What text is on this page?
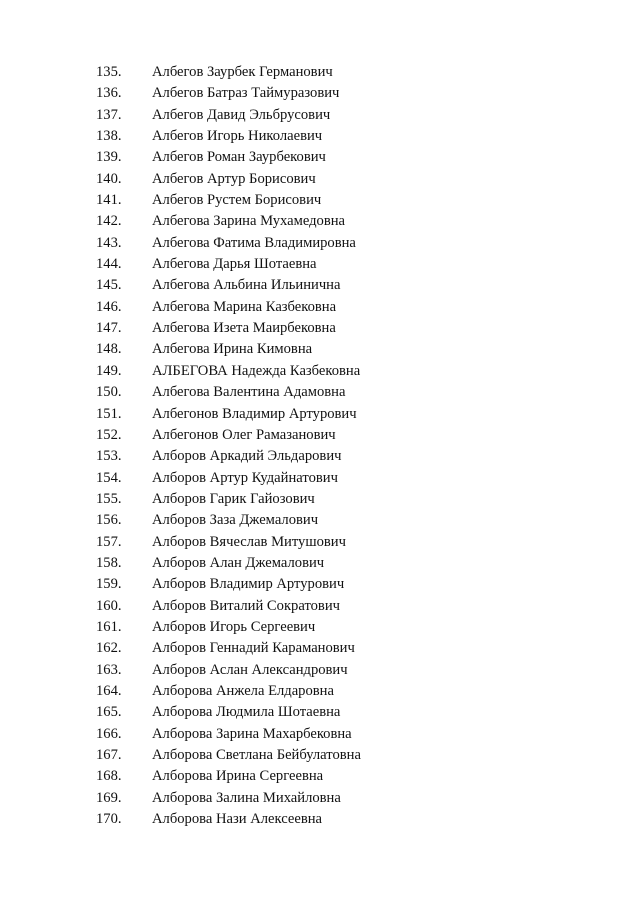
135. Албегов Заурбек Германович
136. Албегов Батраз Таймуразович
137. Албегов Давид Эльбрусович
138. Албегов Игорь Николаевич
139. Албегов Роман Заурбекович
140. Албегов Артур Борисович
141. Албегов Рустем Борисович
142. Албегова Зарина Мухамедовна
143. Албегова Фатима Владимировна
144. Албегова Дарья Шотаевна
145. Албегова Альбина Ильинична
146. Албегова Марина Казбековна
147. Албегова Изета Маирбековна
148. Албегова Ирина Кимовна
149. АЛБЕГОВА Надежда Казбековна
150. Албегова Валентина Адамовна
151. Албегонов Владимир Артурович
152. Албегонов Олег Рамазанович
153. Алборов Аркадий Эльдарович
154. Алборов Артур Кудайнатович
155. Алборов Гарик Гайозович
156. Алборов Заза Джемалович
157. Алборов Вячеслав Митушович
158. Алборов Алан Джемалович
159. Алборов Владимир Артурович
160. Алборов Виталий Сократович
161. Алборов Игорь Сергеевич
162. Алборов Геннадий Караманович
163. Алборов Аслан Александрович
164. Алборова Анжела Елдаровна
165. Алборова Людмила Шотаевна
166. Алборова Зарина Махарбековна
167. Алборова Светлана Бейбулатовна
168. Алборова Ирина Сергеевна
169. Алборова Залина Михайловна
170. Алборова Нази Алексеевна
